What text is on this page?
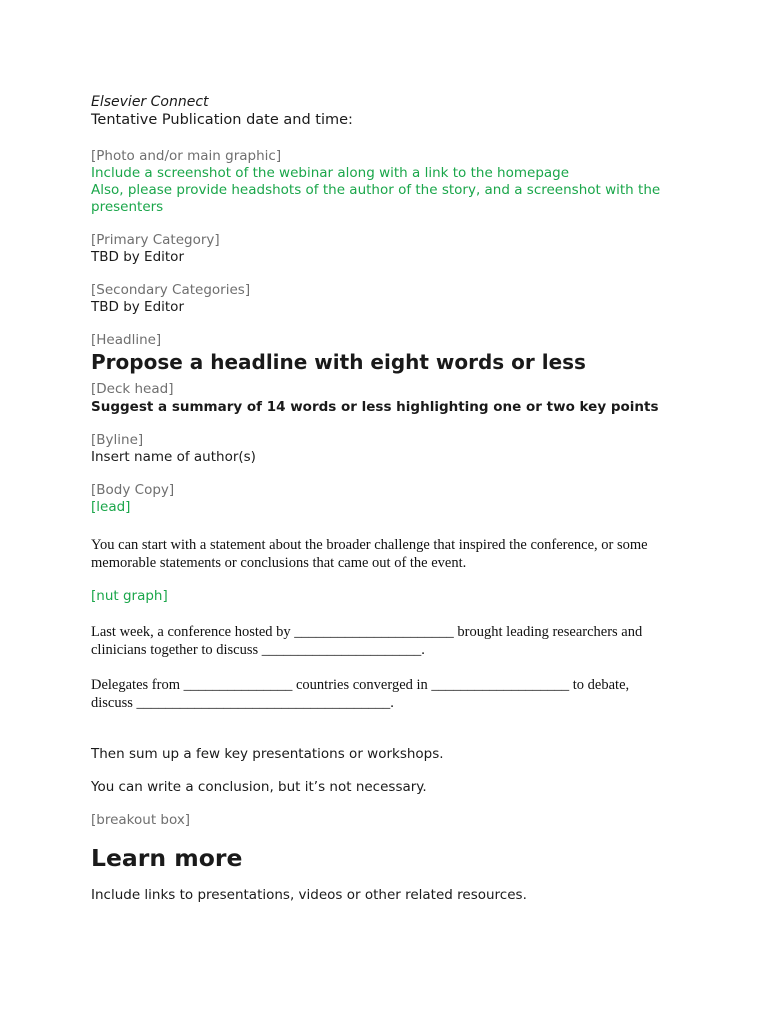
Elsevier Connect

Tentative Publication date and time:

[Photo and/or main graphic]

Include a screenshot of the webinar along with a link to the homepage

Also, please provide headshots of the author of the story, and a screenshot with the

presenters

[Primary Category]

TBD by Editor

[Secondary Categories]

TBD by Editor

[Headline]

Propose a headline with eight words or less

[Deck head]

Suggest a summary of 14 words or less highlighting one or two key points

[Byline]

Insert name of author(s)

[Body Copy]

[lead]

You can start with a statement about the broader challenge that inspired the conference, or some

memorable statements or conclusions that came out of the event.

[nut graph]

Last week, a conference hosted by ______________________ brought leading researchers and

clinicians together to discuss ______________________.

Delegates from _______________ countries converged in ___________________ to debate,

discuss ___________________________________.

Then sum up a few key presentations or workshops.

You can write a conclusion, but it’s not necessary.

[breakout box]

Learn more

Include links to presentations, videos or other related resources.
